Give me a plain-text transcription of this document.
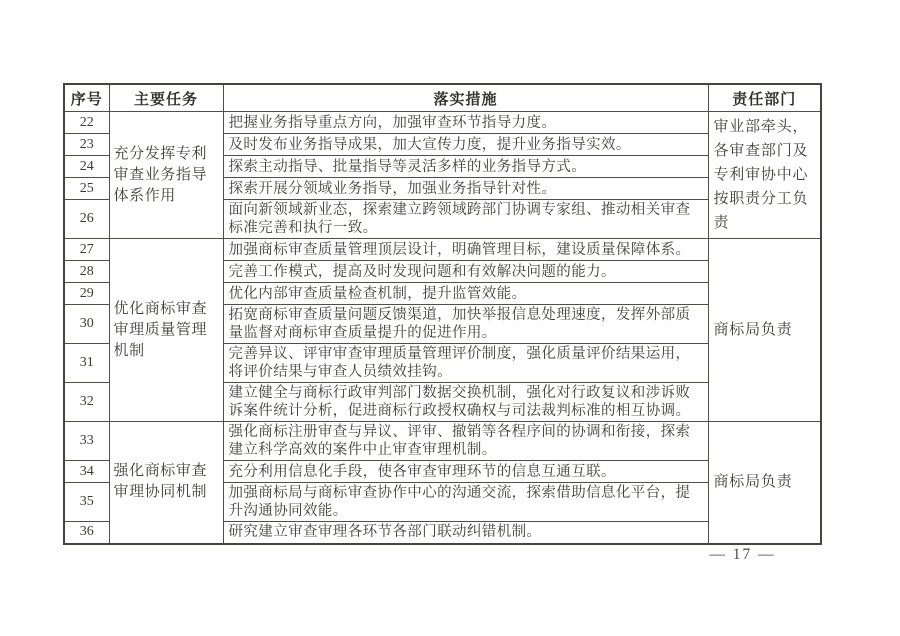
序号	主要任务	落实措施	责任部门
22	充分发挥专利审查业务指导体系作用	把握业务指导重点方向，加强审查环节指导力度。	审业部牵头，各审查部门及专利审协中心按职责分工负责
23		及时发布业务指导成果，加大宣传力度，提升业务指导实效。	
24		探索主动指导、批量指导等灵活多样的业务指导方式。	
25		探索开展分领域业务指导，加强业务指导针对性。	
26		面向新领域新业态，探索建立跨领域跨部门协调专家组、推动相关审查标准完善和执行一致。	
27	优化商标审查审理质量管理机制	加强商标审查质量管理顶层设计，明确管理目标，建设质量保障体系。	商标局负责
28		完善工作模式，提高及时发现问题和有效解决问题的能力。	
29		优化内部审查质量检查机制，提升监管效能。	
30		拓宽商标审查质量问题反馈渠道，加快举报信息处理速度，发挥外部质量监督对商标审查质量提升的促进作用。	
31		完善异议、评审审查审理质量管理评价制度，强化质量评价结果运用，将评价结果与审查人员绩效挂钩。	
32		建立健全与商标行政审判部门数据交换机制，强化对行政复议和涉诉败诉案件统计分析，促进商标行政授权确权与司法裁判标准的相互协调。	
33	强化商标审查审理协同机制	强化商标注册审查与异议、评审、撤销等各程序间的协调和衔接，探索建立科学高效的案件中止审查审理机制。	商标局负责
34		充分利用信息化手段，使各审查审理环节的信息互通互联。	
35		加强商标局与商标审查协作中心的沟通交流，探索借助信息化平台，提升沟通协同效能。	
36		研究建立审查审理各环节各部门联动纠错机制。	
— 17 —
